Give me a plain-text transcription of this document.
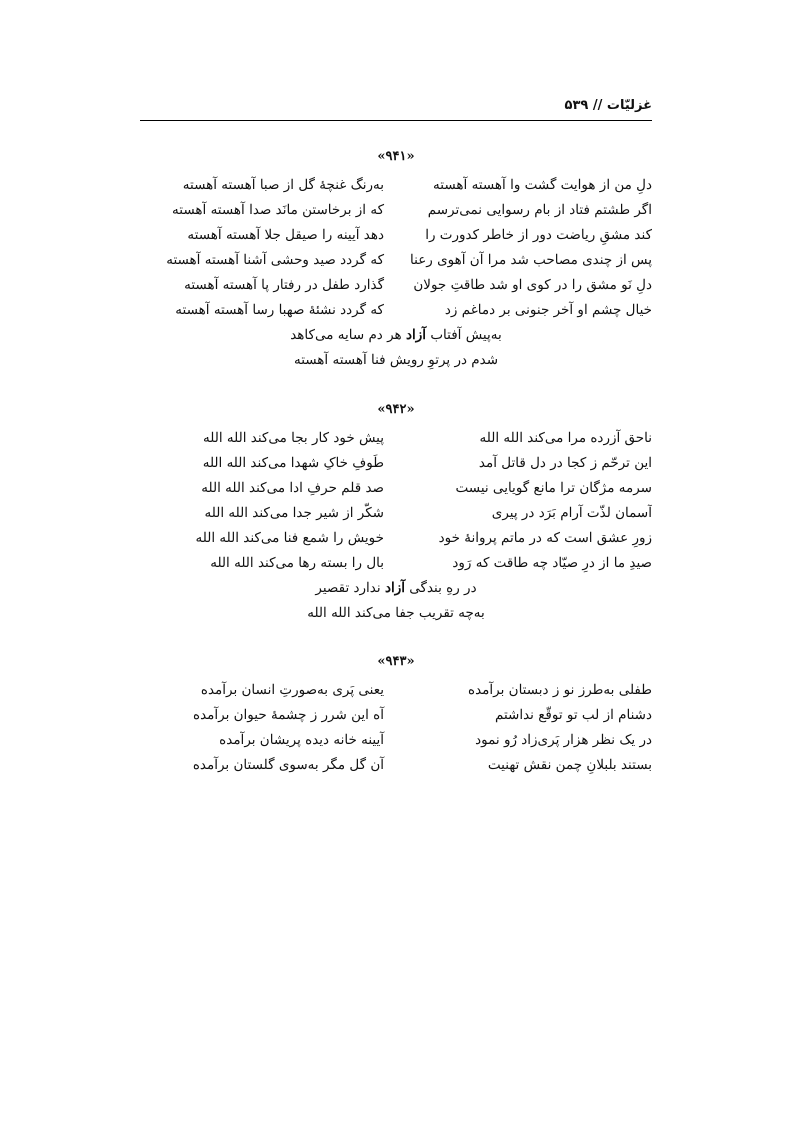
غزلیّات // ۵۳۹
«۹۴۱»
دلِ من از هوایت گشت وا آهسته آهسته
به‌رنگ غنچهٔ گل از صبا آهسته آهسته
اگر طشتم فتاد از بام رسوایی نمی‌ترسم
که از برخاستن مانَد صدا آهسته آهسته
کند مشقِ ریاضت دور از خاطر کدورت را
دهد آیینه را صیقل جلا آهسته آهسته
پس از چندی مصاحب شد مرا آن آهوی رعنا
که گردد صید وحشی آشنا آهسته آهسته
دلِ نَو مشق را در کوی او شد طاقتِ جولان
گذارد طفل در رفتار پا آهسته آهسته
خیال چشم او آخر جنونی بر دماغم زد
که گردد نشئهٔ صهبا رسا آهسته آهسته
به‌پیش آفتاب آزاد هر دم سایه می‌کاهد
شدم در پرتوِ رویش فنا آهسته آهسته
«۹۴۲»
ناحق آزرده مرا می‌کند الله الله
پیش خود کار بجا می‌کند الله الله
این ترحّم ز کجا در دل قاتل آمد
طَوفِ خاکِ شهدا می‌کند الله الله
سرمه مژگان ترا مانع گویایی نیست
صد قلم حرفِ ادا می‌کند الله الله
آسمان لذّت آرام بَرَد در پیری
شکّر از شیر جدا می‌کند الله الله
زورِ عشق است که در ماتم پروانهٔ خود
خویش را شمع فنا می‌کند الله الله
صیدِ ما از درِ صیّاد چه طاقت که رَود
بال را بسته رها می‌کند الله الله
در رهِ بندگی آزاد ندارد تقصیر
به‌چه تقریب جفا می‌کند الله الله
«۹۴۳»
طفلی به‌طرز نو ز دبستان برآمده
یعنی پَری به‌صورتِ انسان برآمده
دشنام از لب تو توقّع نداشتم
آه این شرر ز چشمهٔ حیوان برآمده
در یک نظر هزار پَری‌زاد رُو نمود
آیینه خانه دیده پریشان برآمده
بستند بلبلانِ چمن نقش تهنیت
آن گل مگر به‌سوی گلستان برآمده
